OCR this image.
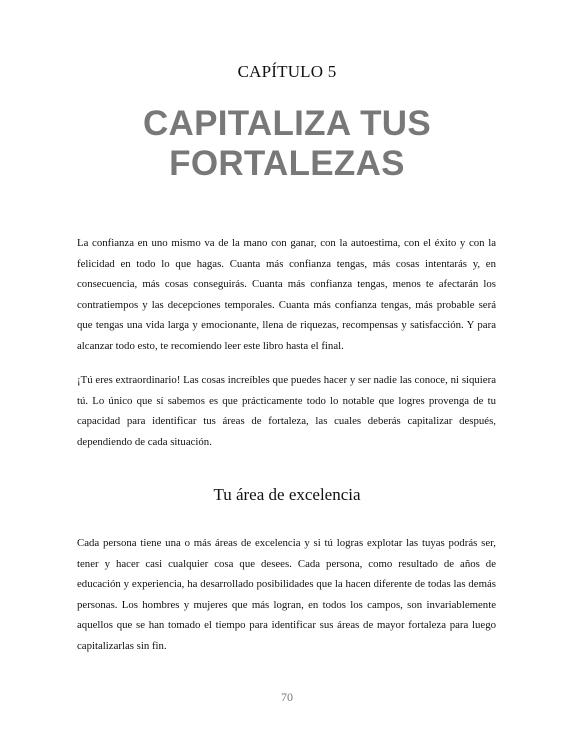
CAPÍTULO 5
CAPITALIZA TUS
FORTALEZAS

La confianza en uno mismo va de la mano con ganar, con la autoestima, con el éxito y con la felicidad en todo lo que hagas. Cuanta más confianza tengas, más cosas intentarás y, en consecuencia, más cosas conseguirás. Cuanta más confianza tengas, menos te afectarán los contratiempos y las decepciones temporales. Cuanta más confianza tengas, más probable será que tengas una vida larga y emocionante, llena de riquezas, recompensas y satisfacción. Y para alcanzar todo esto, te recomiendo leer este libro hasta el final.

¡Tú eres extraordinario! Las cosas increíbles que puedes hacer y ser nadie las conoce, ni siquiera tú. Lo único que sí sabemos es que prácticamente todo lo notable que logres provenga de tu capacidad para identificar tus áreas de fortaleza, las cuales deberás capitalizar después, dependiendo de cada situación.

Tu área de excelencia

Cada persona tiene una o más áreas de excelencia y si tú logras explotar las tuyas podrás ser, tener y hacer casi cualquier cosa que desees. Cada persona, como resultado de años de educación y experiencia, ha desarrollado posibilidades que la hacen diferente de todas las demás personas. Los hombres y mujeres que más logran, en todos los campos, son invariablemente aquellos que se han tomado el tiempo para identificar sus áreas de mayor fortaleza para luego capitalizarlas sin fin.

70
